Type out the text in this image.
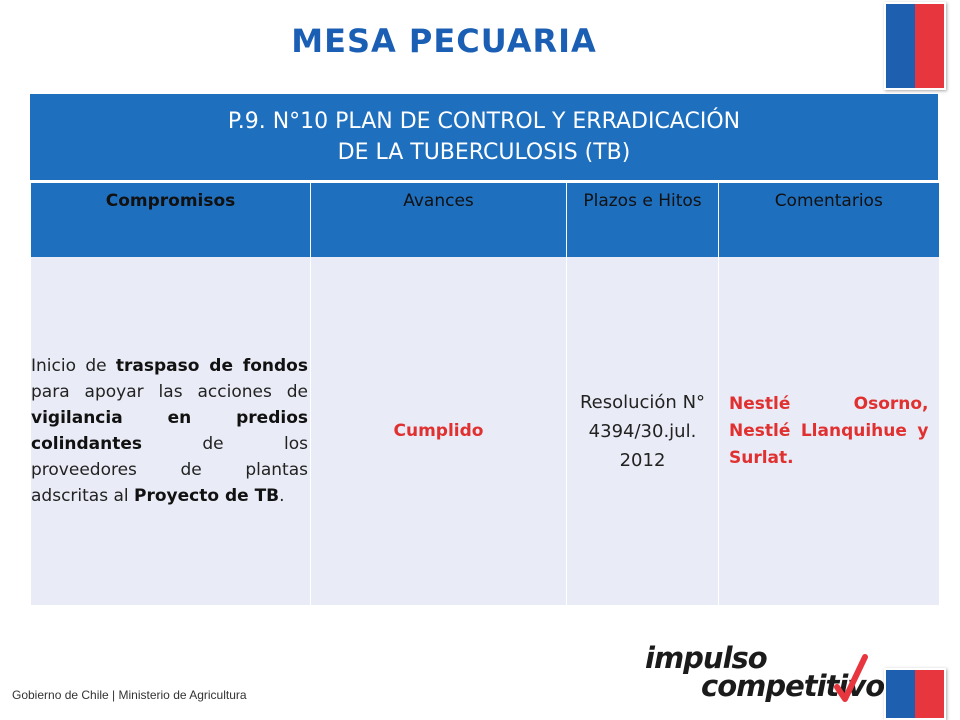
MESA PECUARIA
P.9. N°10 PLAN DE CONTROL Y ERRADICACIÓN
DE LA TUBERCULOSIS (TB)
Compromisos	Avances	Plazos e Hitos	Comentarios
Inicio de traspaso de fondos para apoyar las acciones de vigilancia en predios colindantes de los proveedores de plantas adscritas al Proyecto de TB.	Cumplido	Resolución N° 4394/30.jul. 2012	Nestlé Osorno, Nestlé Llanquihue y Surlat.
Gobierno de Chile | Ministerio de Agricultura
impulso
competitivo
